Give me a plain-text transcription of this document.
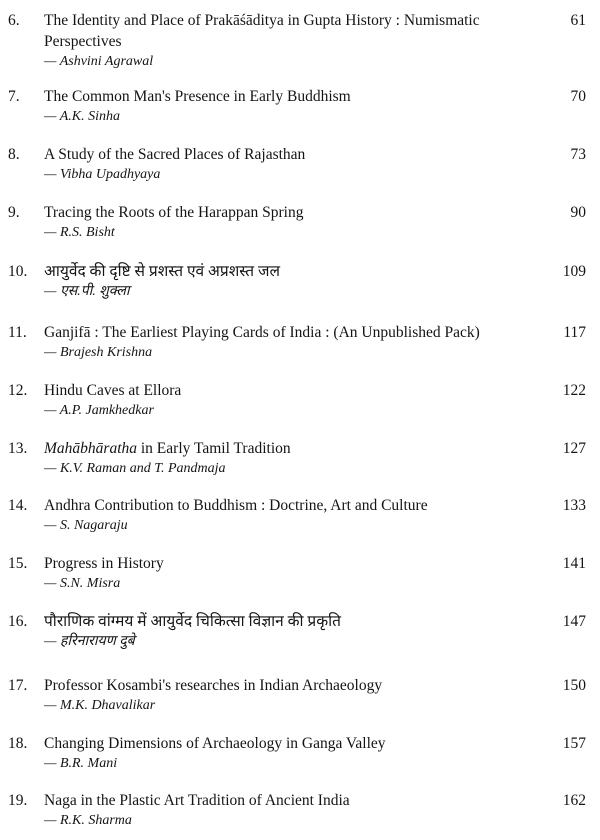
6. The Identity and Place of Prakāśāditya in Gupta History : Numismatic Perspectives
— Ashvini Agrawal
61
7. The Common Man's Presence in Early Buddhism
— A.K. Sinha
70
8. A Study of the Sacred Places of Rajasthan
— Vibha Upadhyaya
73
9. Tracing the Roots of the Harappan Spring
— R.S. Bisht
90
10. आयुर्वेद की दृष्टि से प्रशस्त एवं अप्रशस्त जल
— एस.पी. शुक्ला
109
11. Ganjifā : The Earliest Playing Cards of India : (An Unpublished Pack)
— Brajesh Krishna
117
12. Hindu Caves at Ellora
— A.P. Jamkhedkar
122
13. Mahābhāratha in Early Tamil Tradition
— K.V. Raman and T. Pandmaja
127
14. Andhra Contribution to Buddhism : Doctrine, Art and Culture
— S. Nagaraju
133
15. Progress in History
— S.N. Misra
141
16. पौराणिक वांग्मय में आयुर्वेद चिकित्सा विज्ञान की प्रकृति
— हरिनारायण दुबे
147
17. Professor Kosambi's researches in Indian Archaeology
— M.K. Dhavalikar
150
18. Changing Dimensions of Archaeology in Ganga Valley
— B.R. Mani
157
19. Naga in the Plastic Art Tradition of Ancient India
— R.K. Sharma
162
